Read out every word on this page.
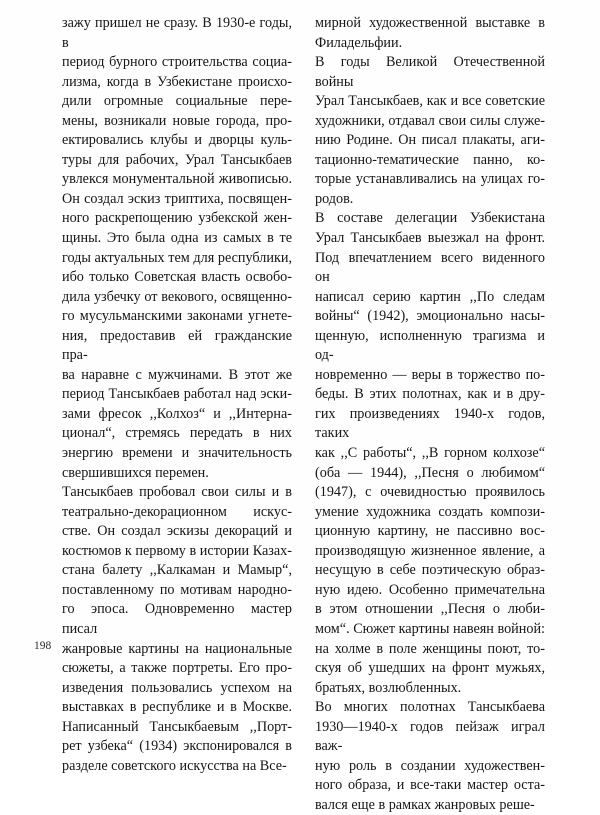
зажу пришел не сразу. В 1930-е годы, в
период бурного строительства социа-
лизма, когда в Узбекистане происхо-
дили огромные социальные пере-
мены, возникали новые города, про-
ектировались клубы и дворцы куль-
туры для рабочих, Урал Тансыкбаев
увлекся монументальной живописью.
Он создал эскиз триптиха, посвящен-
ного раскрепощению узбекской жен-
щины. Это была одна из самых в те
годы актуальных тем для республики,
ибо только Советская власть освобо-
дила узбечку от векового, освященно-
го мусульманскими законами угнете-
ния, предоставив ей гражданские пра-
ва наравне с мужчинами. В этот же
период Тансыкбаев работал над эски-
зами фресок ,,Колхоз“ и ,,Интерна-
ционал“, стремясь передать в них
энергию времени и значительность
свершившихся перемен.
Тансыкбаев пробовал свои силы и в
театрально-декорационном искус-
стве. Он создал эскизы декораций и
костюмов к первому в истории Казах-
стана балету ,,Калкаман и Мамыр“,
поставленному по мотивам народно-
го эпоса. Одновременно мастер писал
жанровые картины на национальные
сюжеты, а также портреты. Его про-
изведения пользовались успехом на
выставках в республике и в Москве.
Написанный Тансыкбаевым ,,Порт-
рет узбека“ (1934) экспонировался в
разделе советского искусства на Все-
мирной художественной выставке в
Филадельфии.
В годы Великой Отечественной войны
Урал Тансыкбаев, как и все советские
художники, отдавал свои силы служе-
нию Родине. Он писал плакаты, аги-
тационно-тематические панно, ко-
торые устанавливались на улицах го-
родов.
В составе делегации Узбекистана
Урал Тансыкбаев выезжал на фронт.
Под впечатлением всего виденного он
написал серию картин ,,По следам
войны“ (1942), эмоционально насы-
щенную, исполненную трагизма и од-
новременно — веры в торжество по-
беды. В этих полотнах, как и в дру-
гих произведениях 1940-х годов, таких
как ,,С работы“, ,,В горном колхозе“
(оба — 1944), ,,Песня о любимом“
(1947), с очевидностью проявилось
умение художника создать компози-
ционную картину, не пассивно вос-
производящую жизненное явление, а
несущую в себе поэтическую образ-
ную идею. Особенно примечательна
в этом отношении ,,Песня о люби-
мом“. Сюжет картины навеян войной:
на холме в поле женщины поют, то-
скуя об ушедших на фронт мужьях,
братьях, возлюбленных.
Во многих полотнах Тансыкбаева
1930—1940-х годов пейзаж играл важ-
ную роль в создании художествен-
ного образа, и все-таки мастер оста-
вался еще в рамках жанровых реше-
198
